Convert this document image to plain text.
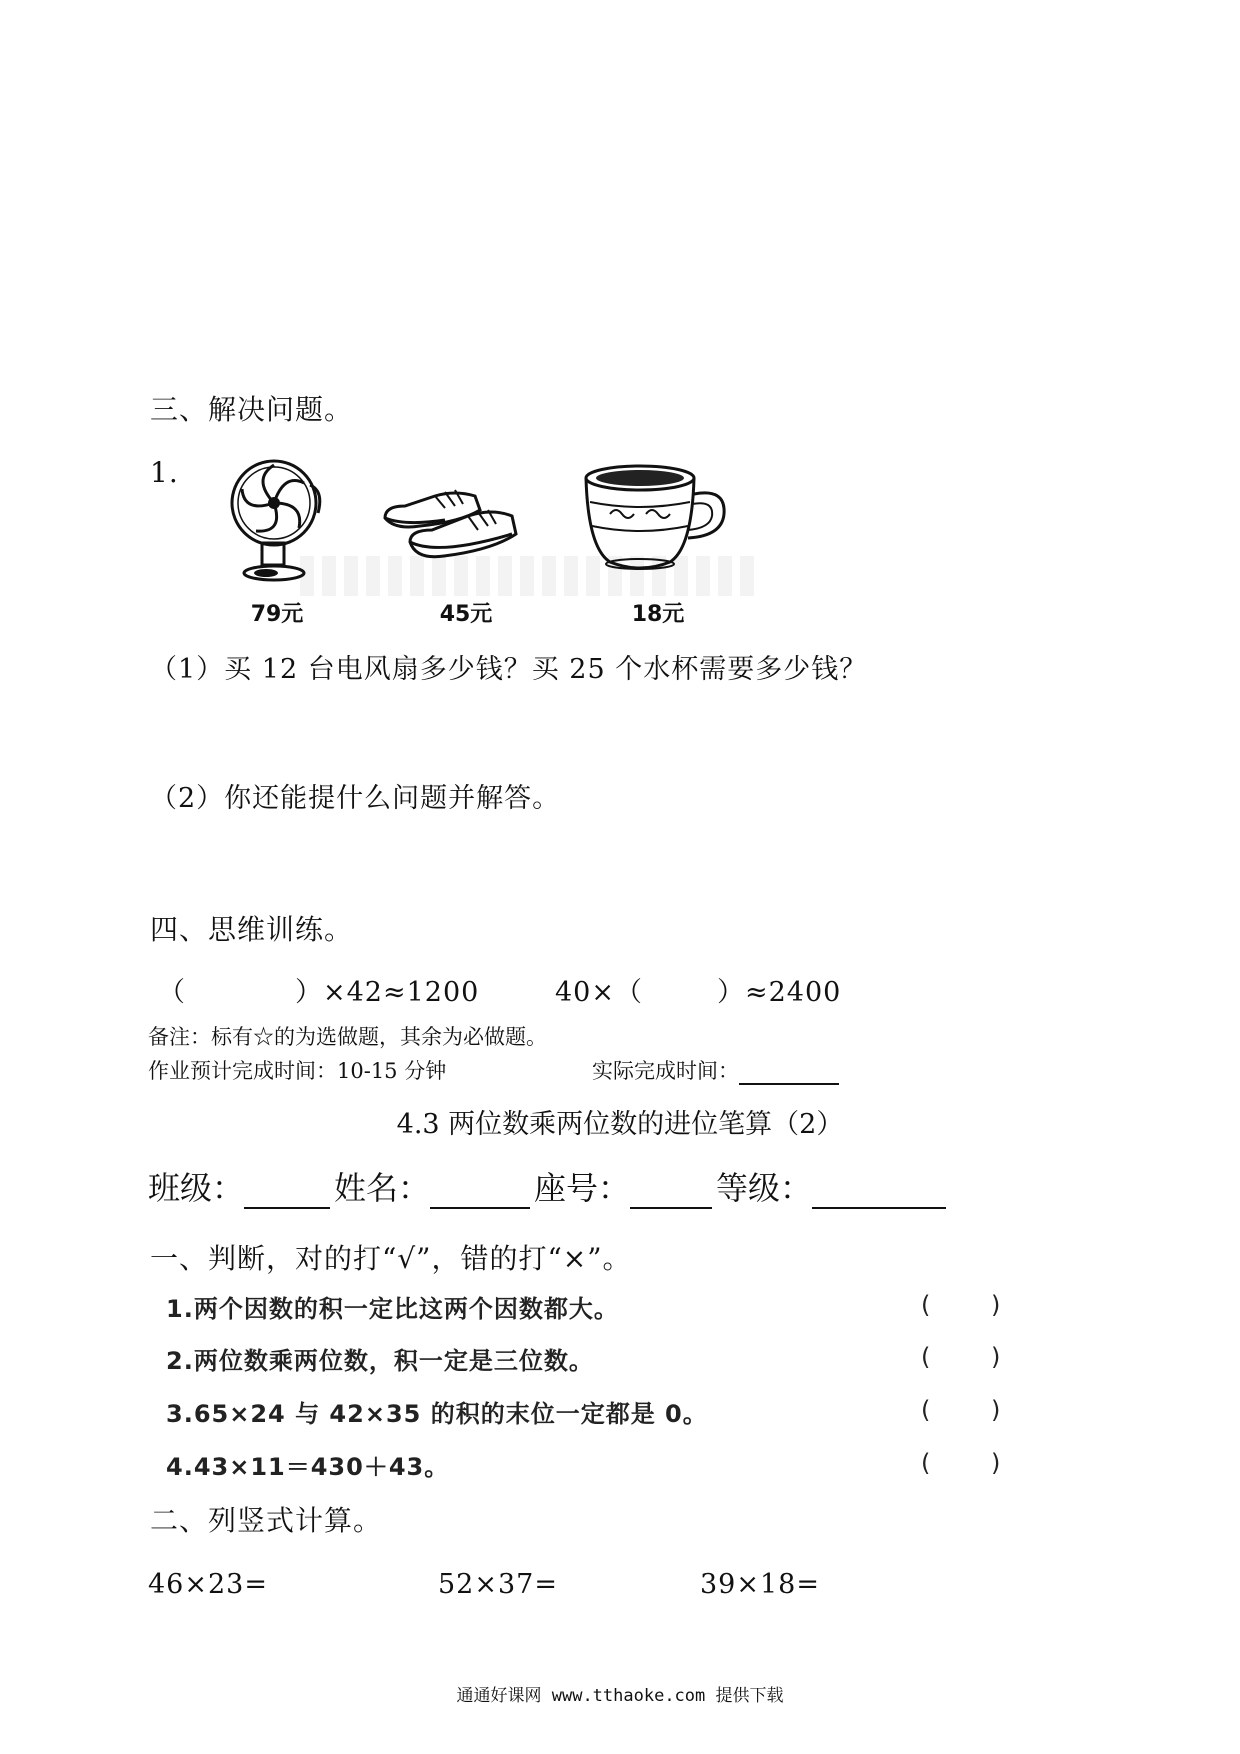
三、解决问题。
1.
79元	45元	18元
（1）买 12 台电风扇多少钱？买 25 个水杯需要多少钱？
（2）你还能提什么问题并解答。
四、思维训练。
（	）×42≈1200	40×（	）≈2400
备注：标有☆的为选做题，其余为必做题。
作业预计完成时间：10-15 分钟	实际完成时间：
4.3 两位数乘两位数的进位笔算（2）
班级：	姓名：	座号：	等级：
一、判断，对的打“√”，错的打“×”。
1.两个因数的积一定比这两个因数都大。	(	)
2.两位数乘两位数，积一定是三位数。	(	)
3.65×24 与 42×35 的积的末位一定都是 0。	(	)
4.43×11＝430＋43。	(	)
二、列竖式计算。
46×23=	52×37=	39×18=
通通好课网 www.tthaoke.com 提供下载
